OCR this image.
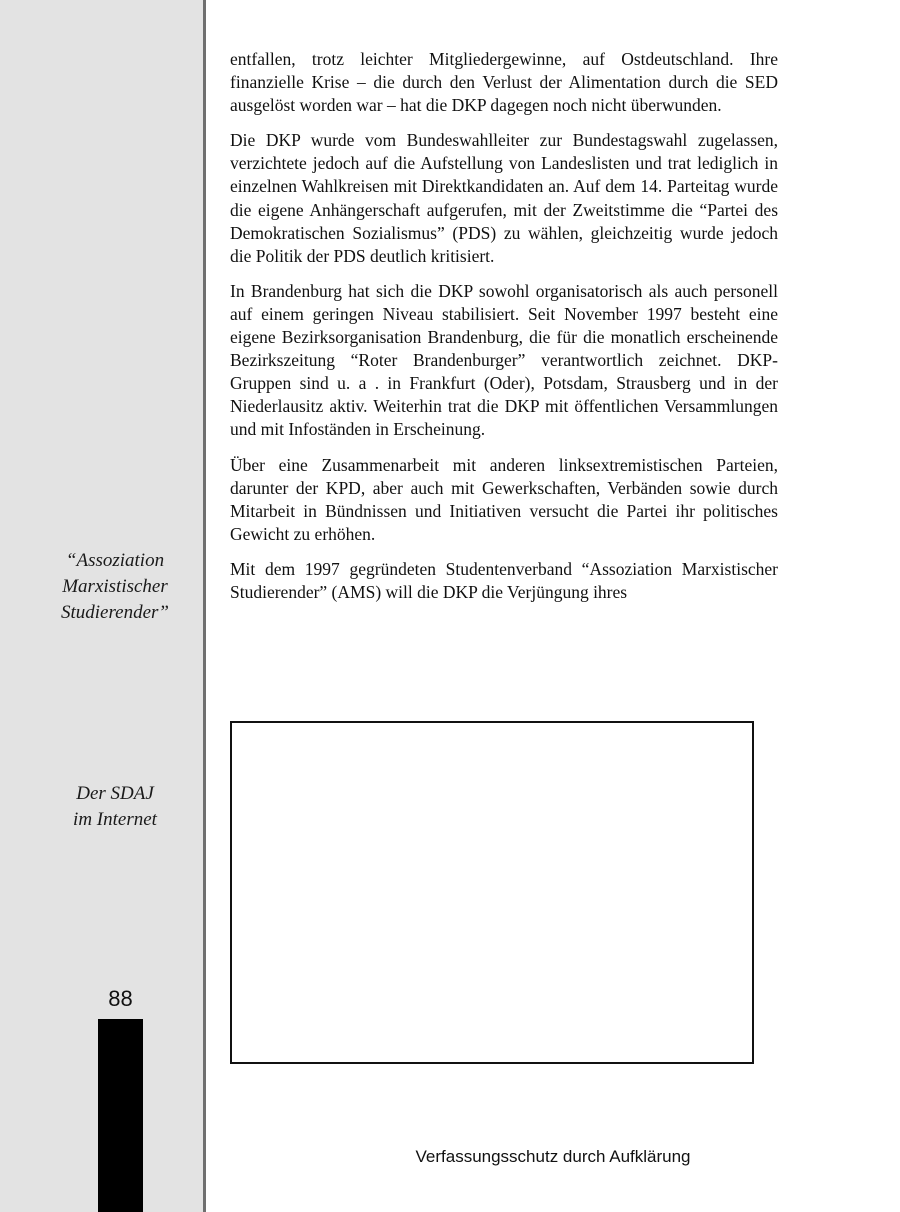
“Assoziation
Marxistischer
Studierender”
Der SDAJ
im Internet
88

entfallen, trotz leichter Mitgliedergewinne, auf Ostdeutschland. Ihre finanzielle Krise – die durch den Verlust der Alimentation durch die SED ausgelöst worden war – hat die DKP dagegen noch nicht überwunden.

Die DKP wurde vom Bundeswahlleiter zur Bundestagswahl zugelassen, verzichtete jedoch auf die Aufstellung von Landeslisten und trat lediglich in einzelnen Wahlkreisen mit Direktkandidaten an. Auf dem 14. Parteitag wurde die eigene Anhängerschaft aufgerufen, mit der Zweitstimme die “Partei des Demokratischen Sozialismus” (PDS) zu wählen, gleichzeitig wurde jedoch die Politik der PDS deutlich kritisiert.

In Brandenburg hat sich die DKP sowohl organisatorisch als auch personell auf einem geringen Niveau stabilisiert. Seit November 1997 besteht eine eigene Bezirksorganisation Brandenburg, die für die monatlich erscheinende Bezirkszeitung “Roter Brandenburger” verantwortlich zeichnet. DKP-Gruppen sind u. a . in Frankfurt (Oder), Potsdam, Strausberg und in der Niederlausitz aktiv. Weiterhin trat die DKP mit öffentlichen Versammlungen und mit Infoständen in Erscheinung.

Über eine Zusammenarbeit mit anderen linksextremistischen Parteien, darunter der KPD, aber auch mit Gewerkschaften, Verbänden sowie durch Mitarbeit in Bündnissen und Initiativen versucht die Partei ihr politisches Gewicht zu erhöhen.

Mit dem 1997 gegründeten Studentenverband “Assoziation Marxistischer Studierender” (AMS) will die DKP die Verjüngung ihres

Verfassungsschutz durch Aufklärung
